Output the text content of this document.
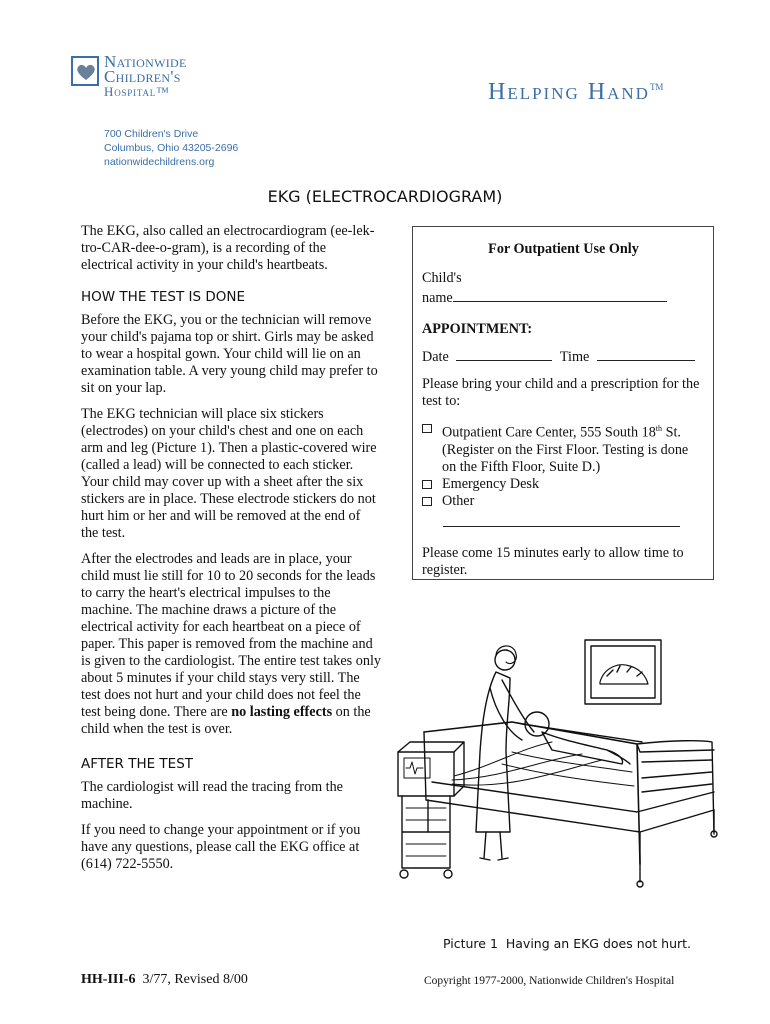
Nationwide
Children's
Hospital™	Helping Hand™
700 Children's Drive
Columbus, Ohio 43205-2696
nationwidechildrens.org
EKG (ELECTROCARDIOGRAM)

The EKG, also called an electrocardiogram (ee-lek-tro-CAR-dee-o-gram), is a recording of the electrical activity in your child's heartbeats.

HOW THE TEST IS DONE

Before the EKG, you or the technician will remove your child's pajama top or shirt. Girls may be asked to wear a hospital gown. Your child will lie on an examination table. A very young child may prefer to sit on your lap.

The EKG technician will place six stickers (electrodes) on your child's chest and one on each arm and leg (Picture 1). Then a plastic-covered wire (called a lead) will be connected to each sticker. Your child may cover up with a sheet after the six stickers are in place. These electrode stickers do not hurt him or her and will be removed at the end of the test.

After the electrodes and leads are in place, your child must lie still for 10 to 20 seconds for the leads to carry the heart's electrical impulses to the machine. The machine draws a picture of the electrical activity for each heartbeat on a piece of paper. This paper is removed from the machine and is given to the cardiologist. The entire test takes only about 5 minutes if your child stays very still. The test does not hurt and your child does not feel the test being done. There are no lasting effects on the child when the test is over.

AFTER THE TEST

The cardiologist will read the tracing from the machine.

If you need to change your appointment or if you have any questions, please call the EKG office at (614) 722-5550.

For Outpatient Use Only
Child's
name
APPOINTMENT:
Date	Time
Please bring your child and a prescription for the test to:
Outpatient Care Center, 555 South 18th St. (Register on the First Floor. Testing is done on the Fifth Floor, Suite D.)
Emergency Desk
Other
Please come 15 minutes early to allow time to register.
Picture 1 Having an EKG does not hurt.
HH-III-6 3/77, Revised 8/00	Copyright 1977-2000, Nationwide Children's Hospital
